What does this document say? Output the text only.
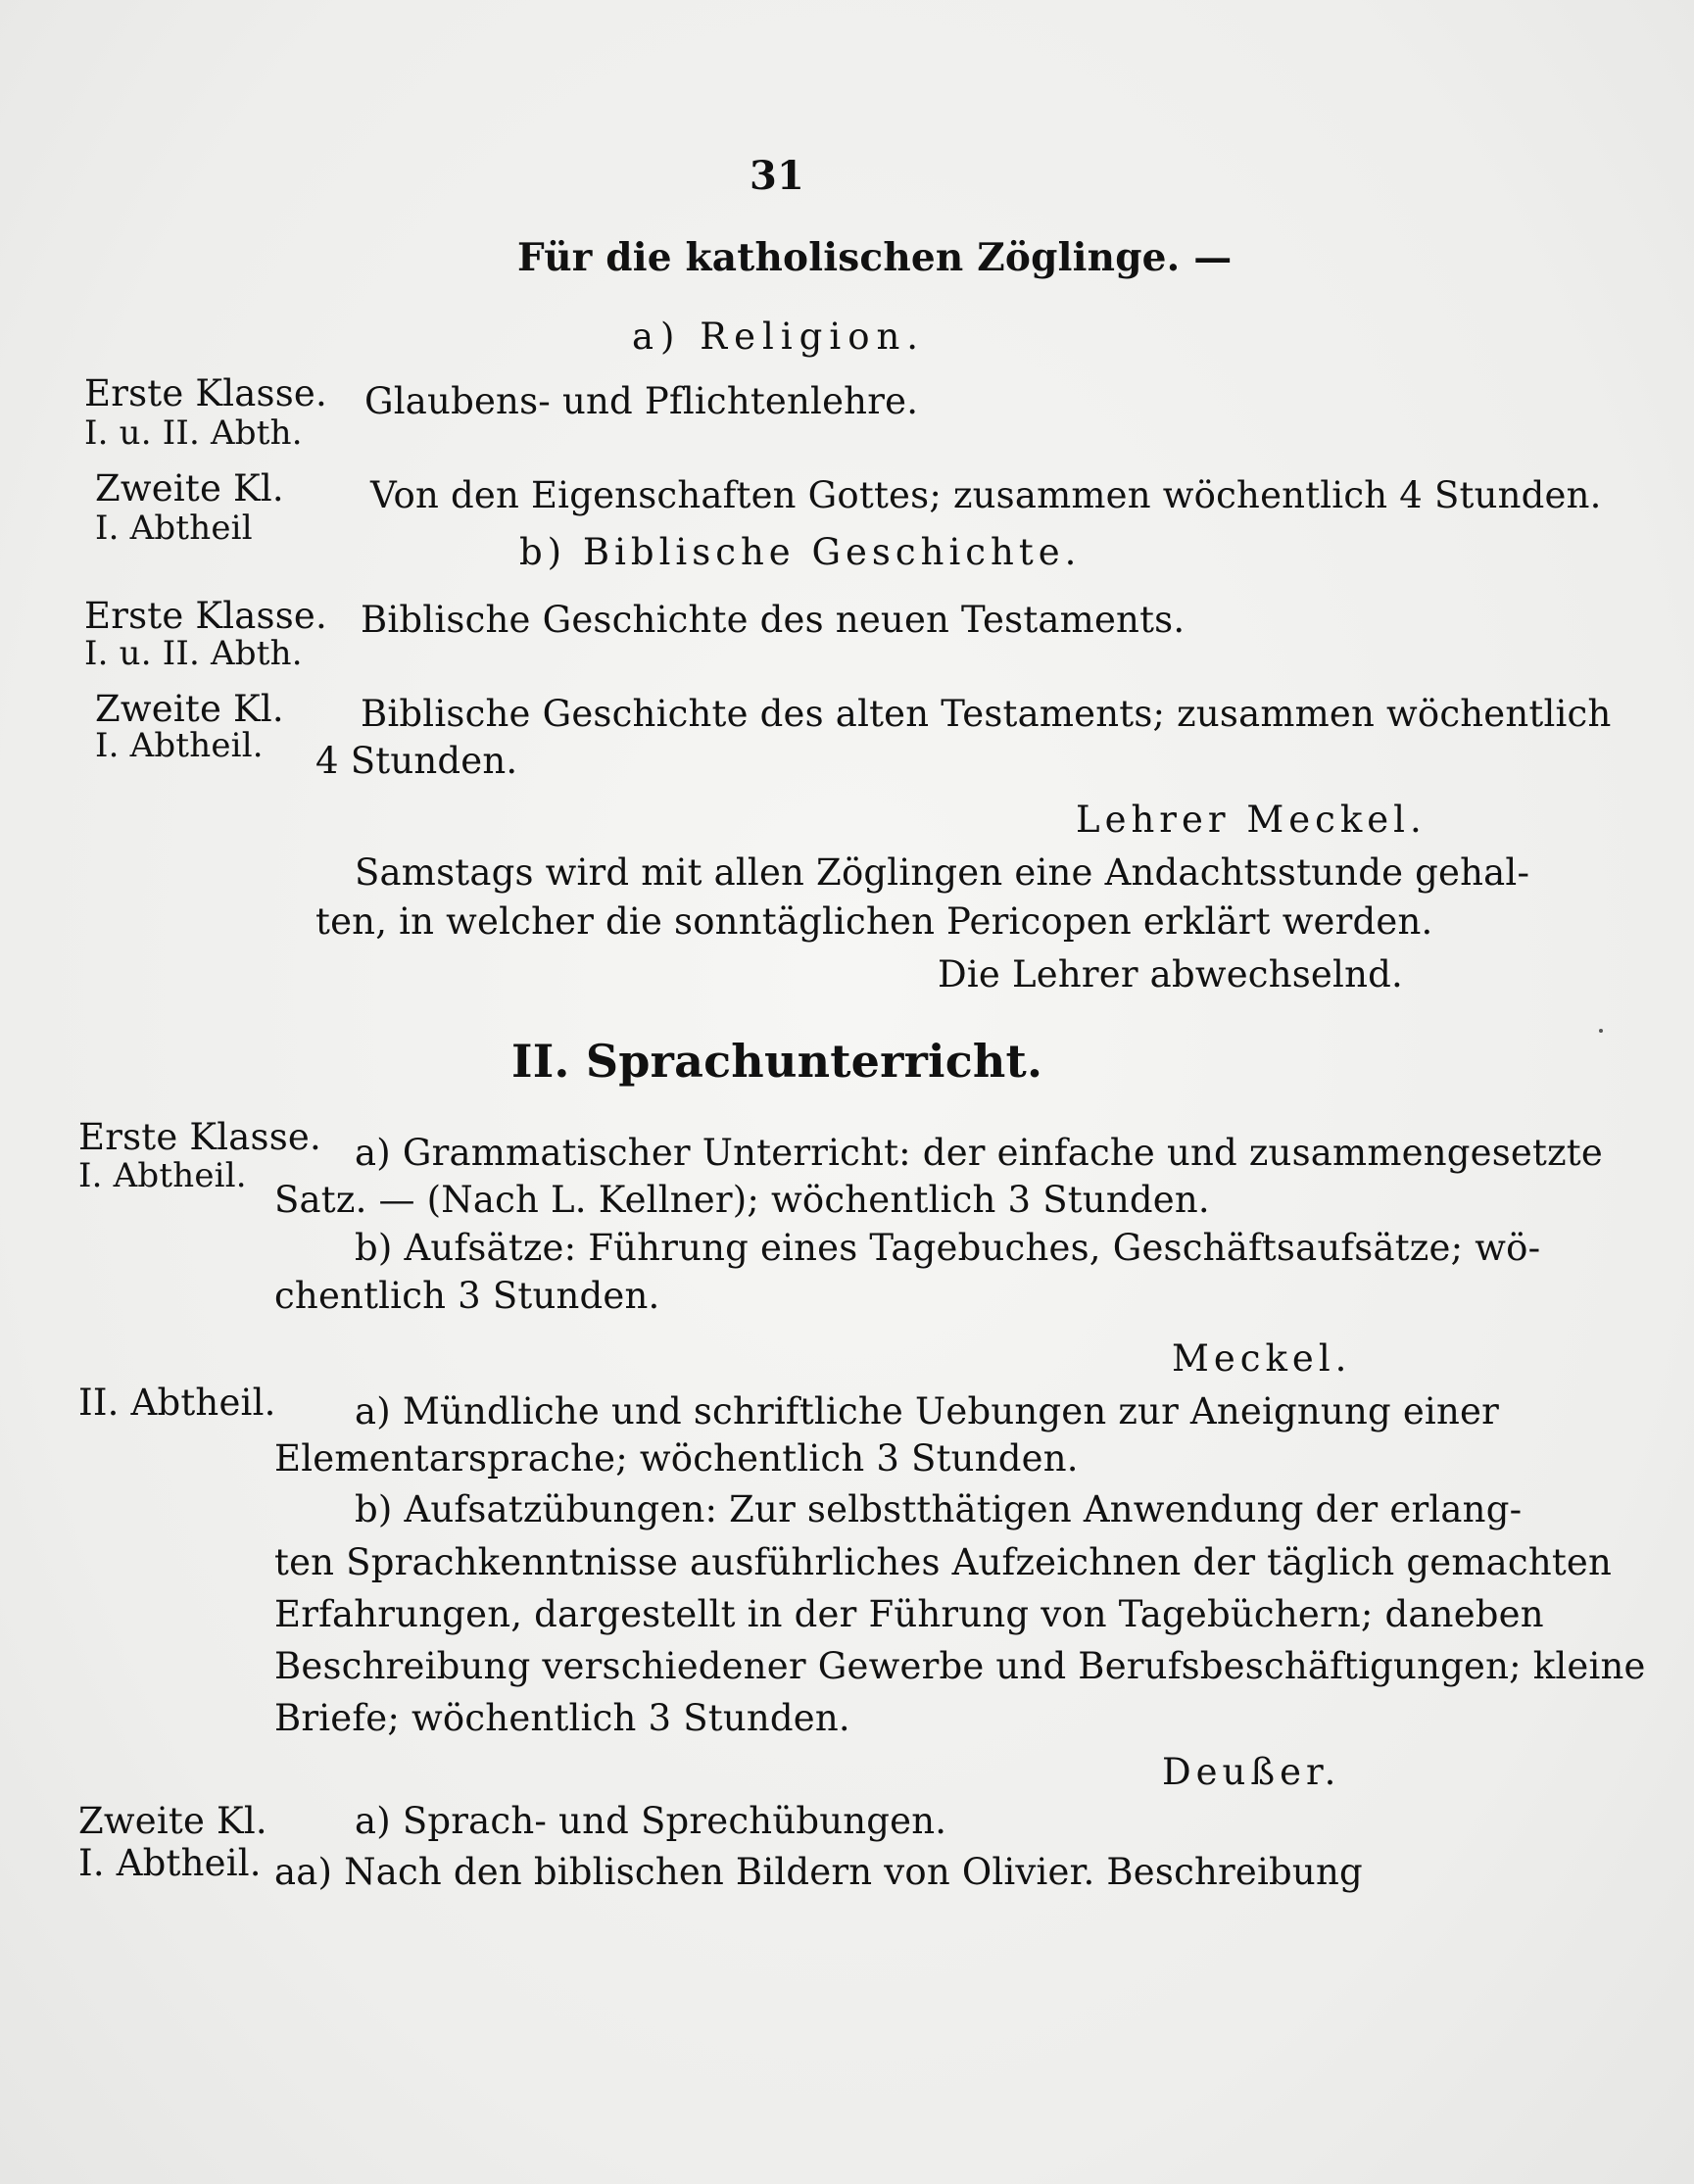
31
Für die katholischen Zöglinge. —
a) Religion.
Erste Klasse.
I. u. II. Abth.
Glaubens- und Pflichtenlehre.
Zweite Kl.
I. Abtheil
Von den Eigenschaften Gottes; zusammen wöchentlich 4 Stunden.
b) Biblische Geschichte.
Erste Klasse.
I. u. II. Abth.
Biblische Geschichte des neuen Testaments.
Zweite Kl.
I. Abtheil.
Biblische Geschichte des alten Testaments; zusammen wöchentlich
4 Stunden.
Lehrer Meckel.
Samstags wird mit allen Zöglingen eine Andachtsstunde gehal-
ten, in welcher die sonntäglichen Pericopen erklärt werden.
Die Lehrer abwechselnd.
II. Sprachunterricht.
Erste Klasse.
I. Abtheil.
a) Grammatischer Unterricht: der einfache und zusammengesetzte
Satz. — (Nach L. Kellner); wöchentlich 3 Stunden.
b) Aufsätze: Führung eines Tagebuches, Geschäftsaufsätze; wö-
chentlich 3 Stunden.
Meckel.
II. Abtheil. a) Mündliche und schriftliche Uebungen zur Aneignung einer
Elementarsprache; wöchentlich 3 Stunden.
b) Aufsatzübungen: Zur selbstthätigen Anwendung der erlang-
ten Sprachkenntnisse ausführliches Aufzeichnen der täglich gemachten
Erfahrungen, dargestellt in der Führung von Tagebüchern; daneben
Beschreibung verschiedener Gewerbe und Berufsbeschäftigungen; kleine
Briefe; wöchentlich 3 Stunden.
Deußer.
Zweite Kl.
I. Abtheil.
a) Sprach- und Sprechübungen.
aa) Nach den biblischen Bildern von Olivier. Beschreibung
